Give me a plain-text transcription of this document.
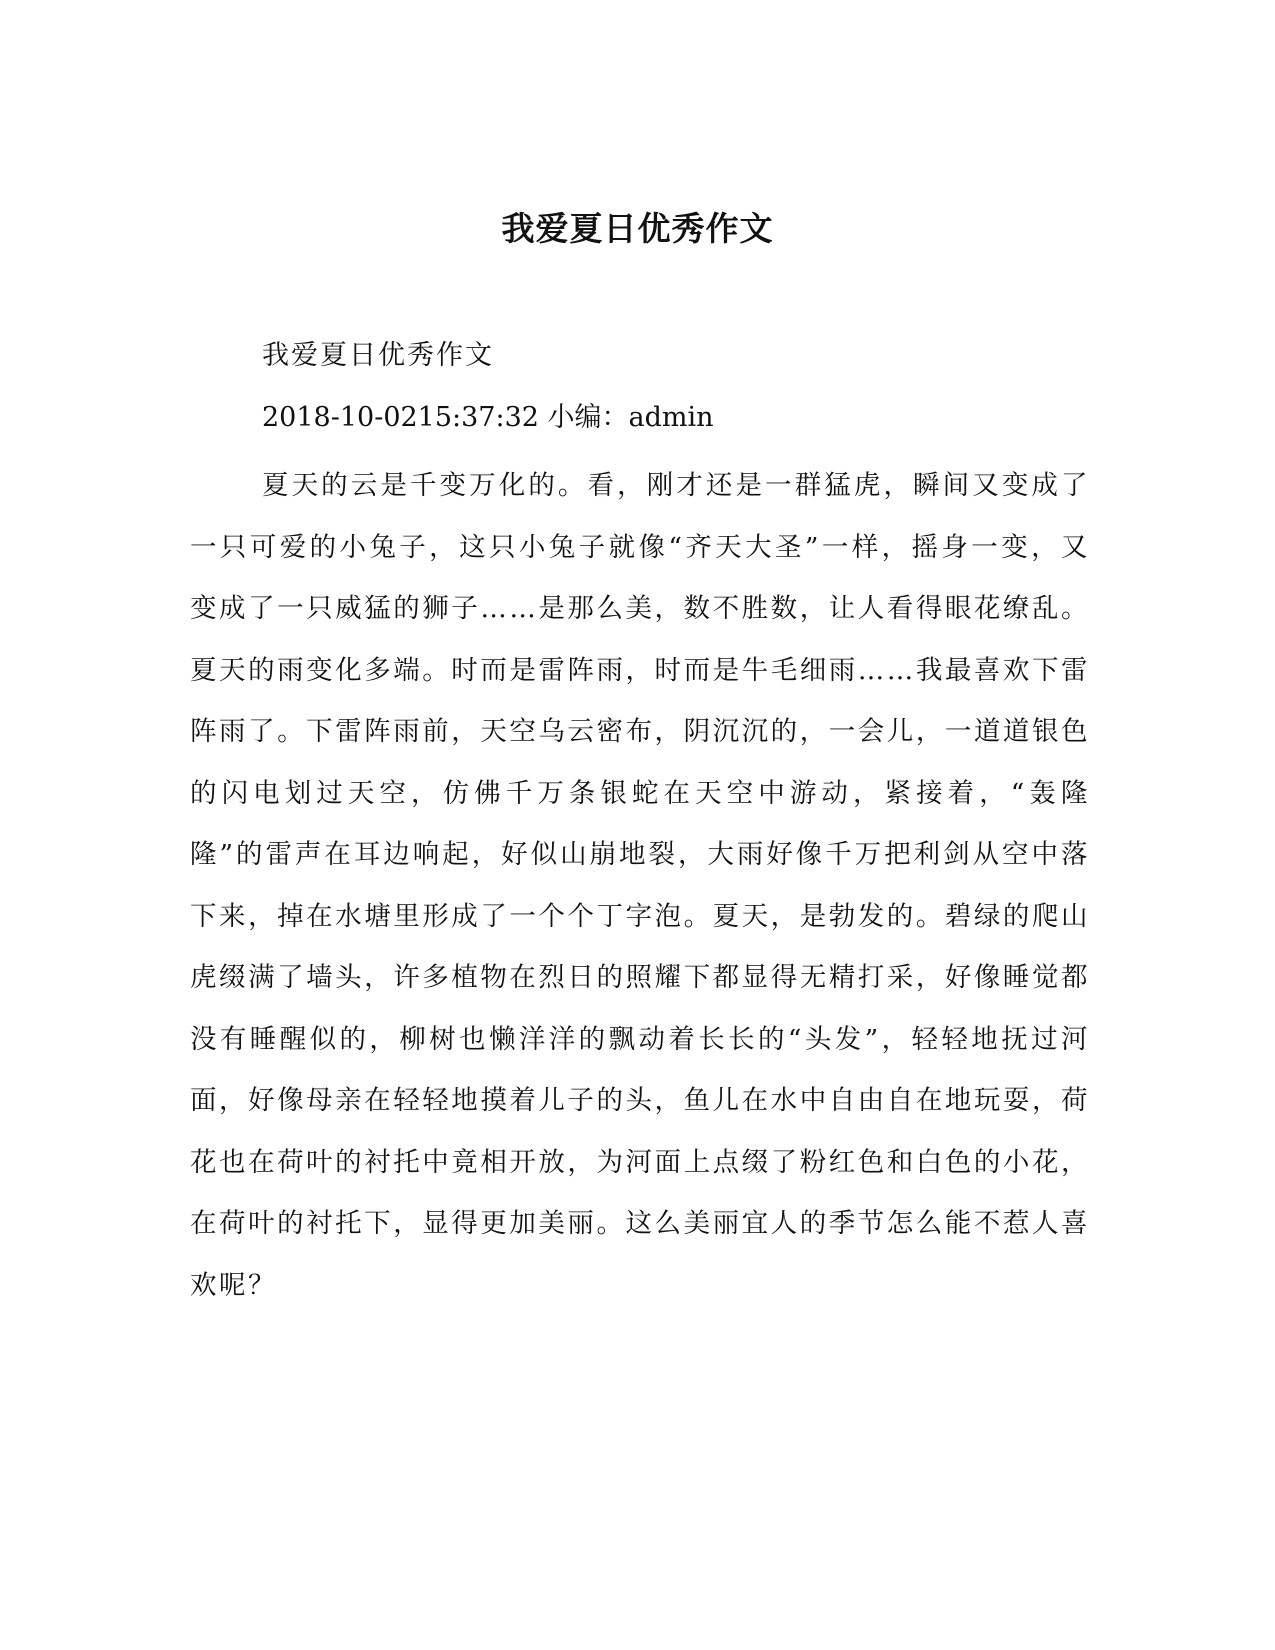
我爱夏日优秀作文

我爱夏日优秀作文

2018-10-0215:37:32 小编：admin

夏天的云是千变万化的。看，刚才还是一群猛虎，瞬间又变成了一只可爱的小兔子，这只小兔子就像“齐天大圣”一样，摇身一变，又变成了一只威猛的狮子……是那么美，数不胜数，让人看得眼花缭乱。夏天的雨变化多端。时而是雷阵雨，时而是牛毛细雨……我最喜欢下雷阵雨了。下雷阵雨前，天空乌云密布，阴沉沉的，一会儿，一道道银色的闪电划过天空，仿佛千万条银蛇在天空中游动，紧接着，“轰隆隆”的雷声在耳边响起，好似山崩地裂，大雨好像千万把利剑从空中落下来，掉在水塘里形成了一个个丁字泡。夏天，是勃发的。碧绿的爬山虎缀满了墙头，许多植物在烈日的照耀下都显得无精打采，好像睡觉都没有睡醒似的，柳树也懒洋洋的飘动着长长的“头发”，轻轻地抚过河面，好像母亲在轻轻地摸着儿子的头，鱼儿在水中自由自在地玩耍，荷花也在荷叶的衬托中竟相开放，为河面上点缀了粉红色和白色的小花，在荷叶的衬托下，显得更加美丽。这么美丽宜人的季节怎么能不惹人喜欢呢？
